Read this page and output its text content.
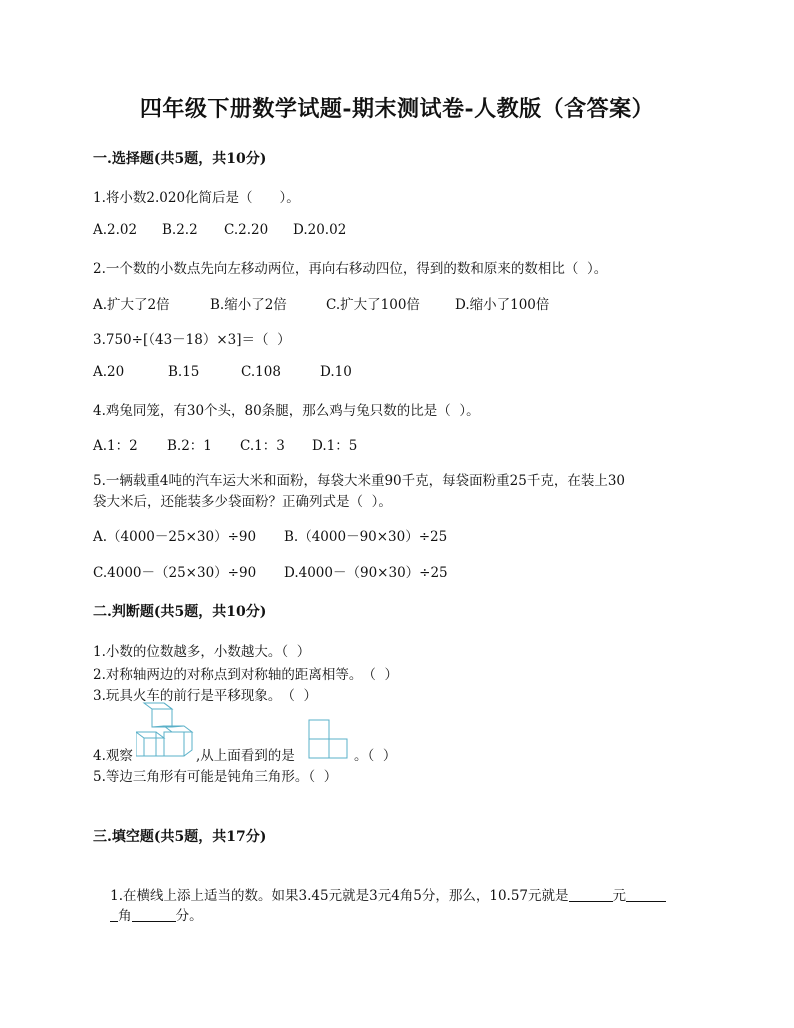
四年级下册数学试题-期末测试卷-人教版（含答案）
一.选择题(共5题，共10分)
1.将小数2.020化简后是（　　）。
A.2.02 B.2.2 C.2.20 D.20.02
2.一个数的小数点先向左移动两位，再向右移动四位，得到的数和原来的数相比（  ）。
A.扩大了2倍	B.缩小了2倍	C.扩大了100倍	D.缩小了100倍
3.750÷[（43－18）×3]＝（  ）
A.20	B.15	C.108	D.10
4.鸡兔同笼，有30个头，80条腿，那么鸡与兔只数的比是（  ）。
A.1：2 B.2：1 C.1：3 D.1：5
5.一辆载重4吨的汽车运大米和面粉，每袋大米重90千克，每袋面粉重25千克，在装上30
袋大米后，还能装多少袋面粉？正确列式是（  ）。
A.（4000－25×30）÷90 B.（4000－90×30）÷25
C.4000－（25×30）÷90 D.4000－（90×30）÷25
二.判断题(共5题，共10分)
1.小数的位数越多，小数越大。（  ）
2.对称轴两边的对称点到对称轴的距离相等。　（  ）
3.玩具火车的前行是平移现象。　（  ）
4.观察	,从上面看到的是	。（  ）
5.等边三角形有可能是钝角三角形。（  ）
三.填空题(共5题，共17分)

1.在横线上添上适当的数。如果3.45元就是3元4角5分，那么，10.57元就是	元

角	分。
